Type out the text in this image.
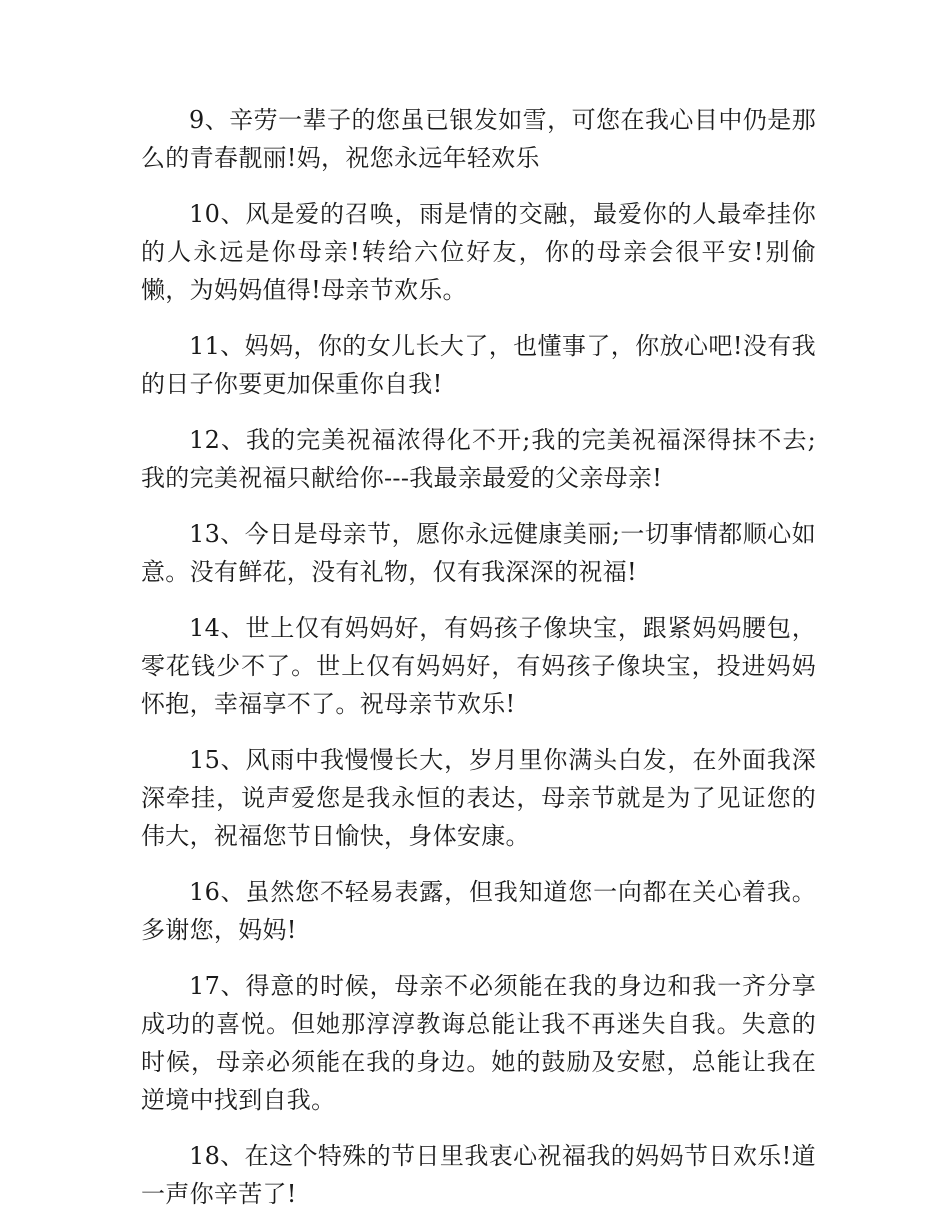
9、辛劳一辈子的您虽已银发如雪，可您在我心目中仍是那么的青春靓丽!妈，祝您永远年轻欢乐

10、风是爱的召唤，雨是情的交融，最爱你的人最牵挂你的人永远是你母亲!转给六位好友，你的母亲会很平安!别偷懒，为妈妈值得!母亲节欢乐。

11、妈妈，你的女儿长大了，也懂事了，你放心吧!没有我的日子你要更加保重你自我!

12、我的完美祝福浓得化不开;我的完美祝福深得抹不去;我的完美祝福只献给你---我最亲最爱的父亲母亲!

13、今日是母亲节，愿你永远健康美丽;一切事情都顺心如意。没有鲜花，没有礼物，仅有我深深的祝福!

14、世上仅有妈妈好，有妈孩子像块宝，跟紧妈妈腰包，零花钱少不了。世上仅有妈妈好，有妈孩子像块宝，投进妈妈怀抱，幸福享不了。祝母亲节欢乐!

15、风雨中我慢慢长大，岁月里你满头白发，在外面我深深牵挂，说声爱您是我永恒的表达，母亲节就是为了见证您的伟大，祝福您节日愉快，身体安康。

16、虽然您不轻易表露，但我知道您一向都在关心着我。多谢您，妈妈!

17、得意的时候，母亲不必须能在我的身边和我一齐分享成功的喜悦。但她那淳淳教诲总能让我不再迷失自我。失意的时候，母亲必须能在我的身边。她的鼓励及安慰，总能让我在逆境中找到自我。

18、在这个特殊的节日里我衷心祝福我的妈妈节日欢乐!道一声你辛苦了!
